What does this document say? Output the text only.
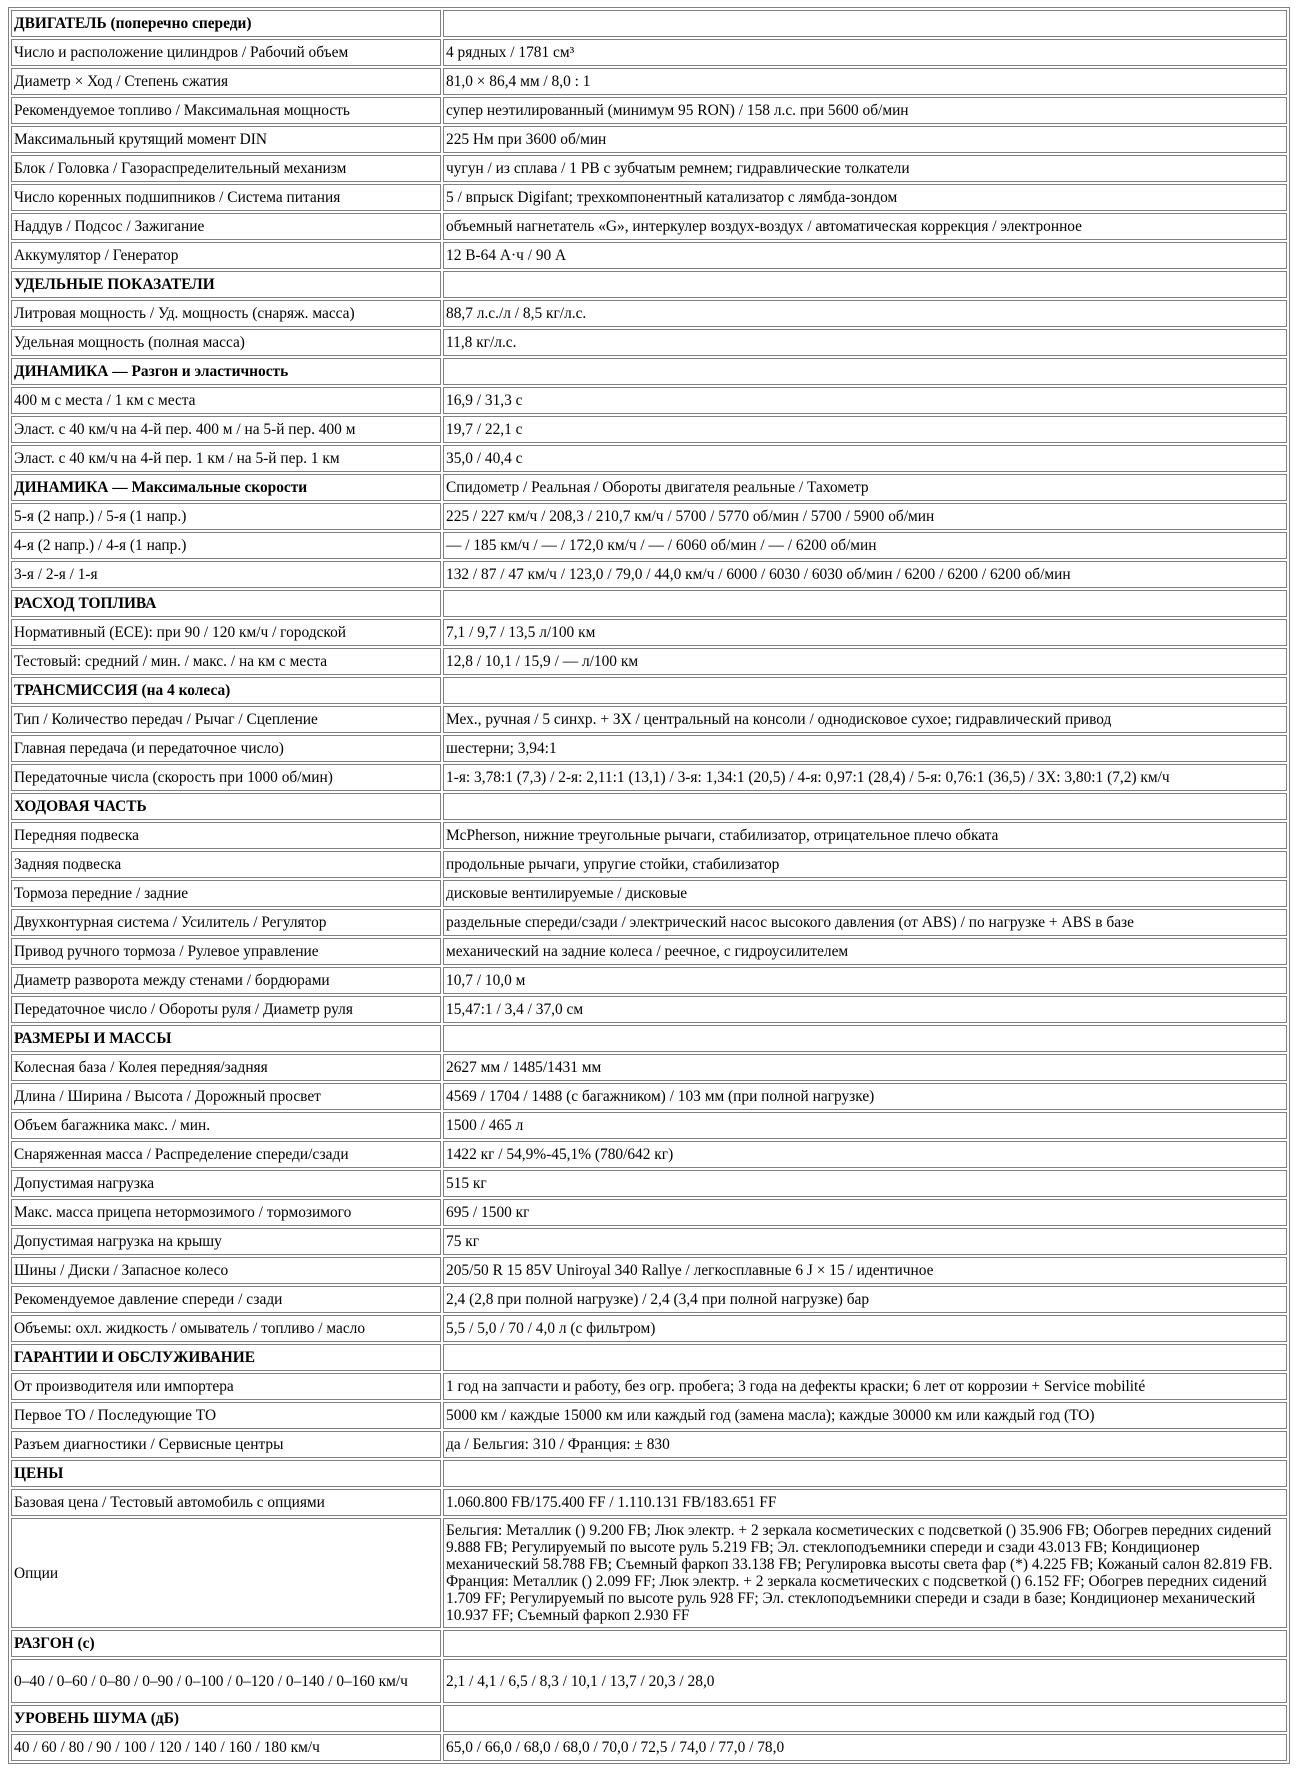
ДВИГАТЕЛЬ (поперечно спереди)	
Число и расположение цилиндров / Рабочий объем	4 рядных / 1781 см³
Диаметр × Ход / Степень сжатия	81,0 × 86,4 мм / 8,0 : 1
Рекомендуемое топливо / Максимальная мощность	супер неэтилированный (минимум 95 RON) / 158 л.с. при 5600 об/мин
Максимальный крутящий момент DIN	225 Нм при 3600 об/мин
Блок / Головка / Газораспределительный механизм	чугун / из сплава / 1 РВ с зубчатым ремнем; гидравлические толкатели
Число коренных подшипников / Система питания	5 / впрыск Digifant; трехкомпонентный катализатор с лямбда-зондом
Наддув / Подсос / Зажигание	объемный нагнетатель «G», интеркулер воздух-воздух / автоматическая коррекция / электронное
Аккумулятор / Генератор	12 В-64 А·ч / 90 А
УДЕЛЬНЫЕ ПОКАЗАТЕЛИ	
Литровая мощность / Уд. мощность (снаряж. масса)	88,7 л.с./л / 8,5 кг/л.с.
Удельная мощность (полная масса)	11,8 кг/л.с.
ДИНАМИКА — Разгон и эластичность	
400 м с места / 1 км с места	16,9 / 31,3 с
Эласт. с 40 км/ч на 4-й пер. 400 м / на 5-й пер. 400 м	19,7 / 22,1 с
Эласт. с 40 км/ч на 4-й пер. 1 км / на 5-й пер. 1 км	35,0 / 40,4 с
ДИНАМИКА — Максимальные скорости	Спидометр / Реальная / Обороты двигателя реальные / Тахометр
5-я (2 напр.) / 5-я (1 напр.)	225 / 227 км/ч / 208,3 / 210,7 км/ч / 5700 / 5770 об/мин / 5700 / 5900 об/мин
4-я (2 напр.) / 4-я (1 напр.)	— / 185 км/ч / — / 172,0 км/ч / — / 6060 об/мин / — / 6200 об/мин
3-я / 2-я / 1-я	132 / 87 / 47 км/ч / 123,0 / 79,0 / 44,0 км/ч / 6000 / 6030 / 6030 об/мин / 6200 / 6200 / 6200 об/мин
РАСХОД ТОПЛИВА	
Нормативный (ECE): при 90 / 120 км/ч / городской	7,1 / 9,7 / 13,5 л/100 км
Тестовый: средний / мин. / макс. / на км с места	12,8 / 10,1 / 15,9 / — л/100 км
ТРАНСМИССИЯ (на 4 колеса)	
Тип / Количество передач / Рычаг / Сцепление	Мех., ручная / 5 синхр. + ЗХ / центральный на консоли / однодисковое сухое; гидравлический привод
Главная передача (и передаточное число)	шестерни; 3,94:1
Передаточные числа (скорость при 1000 об/мин)	1-я: 3,78:1 (7,3) / 2-я: 2,11:1 (13,1) / 3-я: 1,34:1 (20,5) / 4-я: 0,97:1 (28,4) / 5-я: 0,76:1 (36,5) / ЗХ: 3,80:1 (7,2) км/ч
ХОДОВАЯ ЧАСТЬ	
Передняя подвеска	McPherson, нижние треугольные рычаги, стабилизатор, отрицательное плечо обката
Задняя подвеска	продольные рычаги, упругие стойки, стабилизатор
Тормоза передние / задние	дисковые вентилируемые / дисковые
Двухконтурная система / Усилитель / Регулятор	раздельные спереди/сзади / электрический насос высокого давления (от ABS) / по нагрузке + ABS в базе
Привод ручного тормоза / Рулевое управление	механический на задние колеса / реечное, с гидроусилителем
Диаметр разворота между стенами / бордюрами	10,7 / 10,0 м
Передаточное число / Обороты руля / Диаметр руля	15,47:1 / 3,4 / 37,0 см
РАЗМЕРЫ И МАССЫ	
Колесная база / Колея передняя/задняя	2627 мм / 1485/1431 мм
Длина / Ширина / Высота / Дорожный просвет	4569 / 1704 / 1488 (с багажником) / 103 мм (при полной нагрузке)
Объем багажника макс. / мин.	1500 / 465 л
Снаряженная масса / Распределение спереди/сзади	1422 кг / 54,9%-45,1% (780/642 кг)
Допустимая нагрузка	515 кг
Макс. масса прицепа нетормозимого / тормозимого	695 / 1500 кг
Допустимая нагрузка на крышу	75 кг
Шины / Диски / Запасное колесо	205/50 R 15 85V Uniroyal 340 Rallye / легкосплавные 6 J × 15 / идентичное
Рекомендуемое давление спереди / сзади	2,4 (2,8 при полной нагрузке) / 2,4 (3,4 при полной нагрузке) бар
Объемы: охл. жидкость / омыватель / топливо / масло	5,5 / 5,0 / 70 / 4,0 л (с фильтром)
ГАРАНТИИ И ОБСЛУЖИВАНИЕ	
От производителя или импортера	1 год на запчасти и работу, без огр. пробега; 3 года на дефекты краски; 6 лет от коррозии + Service mobilité
Первое ТО / Последующие ТО	5000 км / каждые 15000 км или каждый год (замена масла); каждые 30000 км или каждый год (ТО)
Разъем диагностики / Сервисные центры	да / Бельгия: 310 / Франция: ± 830
ЦЕНЫ	
Базовая цена / Тестовый автомобиль с опциями	1.060.800 FB/175.400 FF / 1.110.131 FB/183.651 FF
Опции	Бельгия: Металлик () 9.200 FB; Люк электр. + 2 зеркала косметических с подсветкой () 35.906 FB; Обогрев передних сидений 9.888 FB; Регулируемый по высоте руль 5.219 FB; Эл. стеклоподъемники спереди и сзади 43.013 FB; Кондиционер механический 58.788 FB; Съемный фаркоп 33.138 FB; Регулировка высоты света фар (*) 4.225 FB; Кожаный салон 82.819 FB. Франция: Металлик () 2.099 FF; Люк электр. + 2 зеркала косметических с подсветкой () 6.152 FF; Обогрев передних сидений 1.709 FF; Регулируемый по высоте руль 928 FF; Эл. стеклоподъемники спереди и сзади в базе; Кондиционер механический 10.937 FF; Съемный фаркоп 2.930 FF
РАЗГОН (с)	
0–40 / 0–60 / 0–80 / 0–90 / 0–100 / 0–120 / 0–140 / 0–160 км/ч	2,1 / 4,1 / 6,5 / 8,3 / 10,1 / 13,7 / 20,3 / 28,0
УРОВЕНЬ ШУМА (дБ)	
40 / 60 / 80 / 90 / 100 / 120 / 140 / 160 / 180 км/ч	65,0 / 66,0 / 68,0 / 68,0 / 70,0 / 72,5 / 74,0 / 77,0 / 78,0
